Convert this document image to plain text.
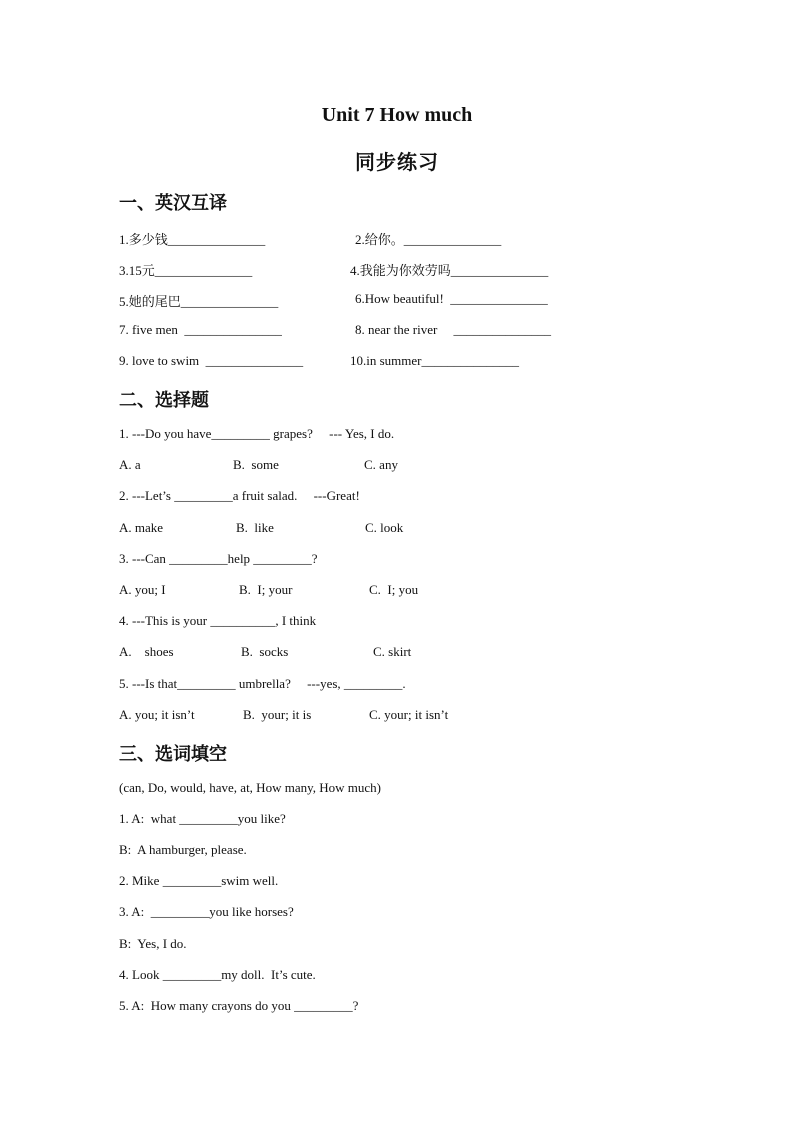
Unit 7 How much
同步练习
一、英汉互译
1.多少钱_______________	2.给你。_______________
3.15元_______________	4.我能为你效劳吗_______________
5.她的尾巴_______________	6.How beautiful!  _______________
7. five men  _______________	8. near the river     _______________
9. love to swim  _______________	10.in summer_______________
二、选择题
1. ---Do you have_________ grapes?     --- Yes, I do.
A. a	B.  some	C. any
2. ---Let’s _________a fruit salad.     ---Great!
A. make	B.  like	C. look
3. ---Can _________help _________?
A. you; I	B.  I; your	C.  I; you
4. ---This is your __________, I think
A.    shoes	B.  socks	C. skirt
5. ---Is that_________ umbrella?     ---yes, _________.
A. you; it isn’t	B.  your; it is	C. your; it isn’t
三、选词填空
(can, Do, would, have, at, How many, How much)
1. A:  what _________you like?
B:  A hamburger, please.
2. Mike _________swim well.
3. A:  _________you like horses?
B:  Yes, I do.
4. Look _________my doll.  It’s cute.
5. A:  How many crayons do you _________?
